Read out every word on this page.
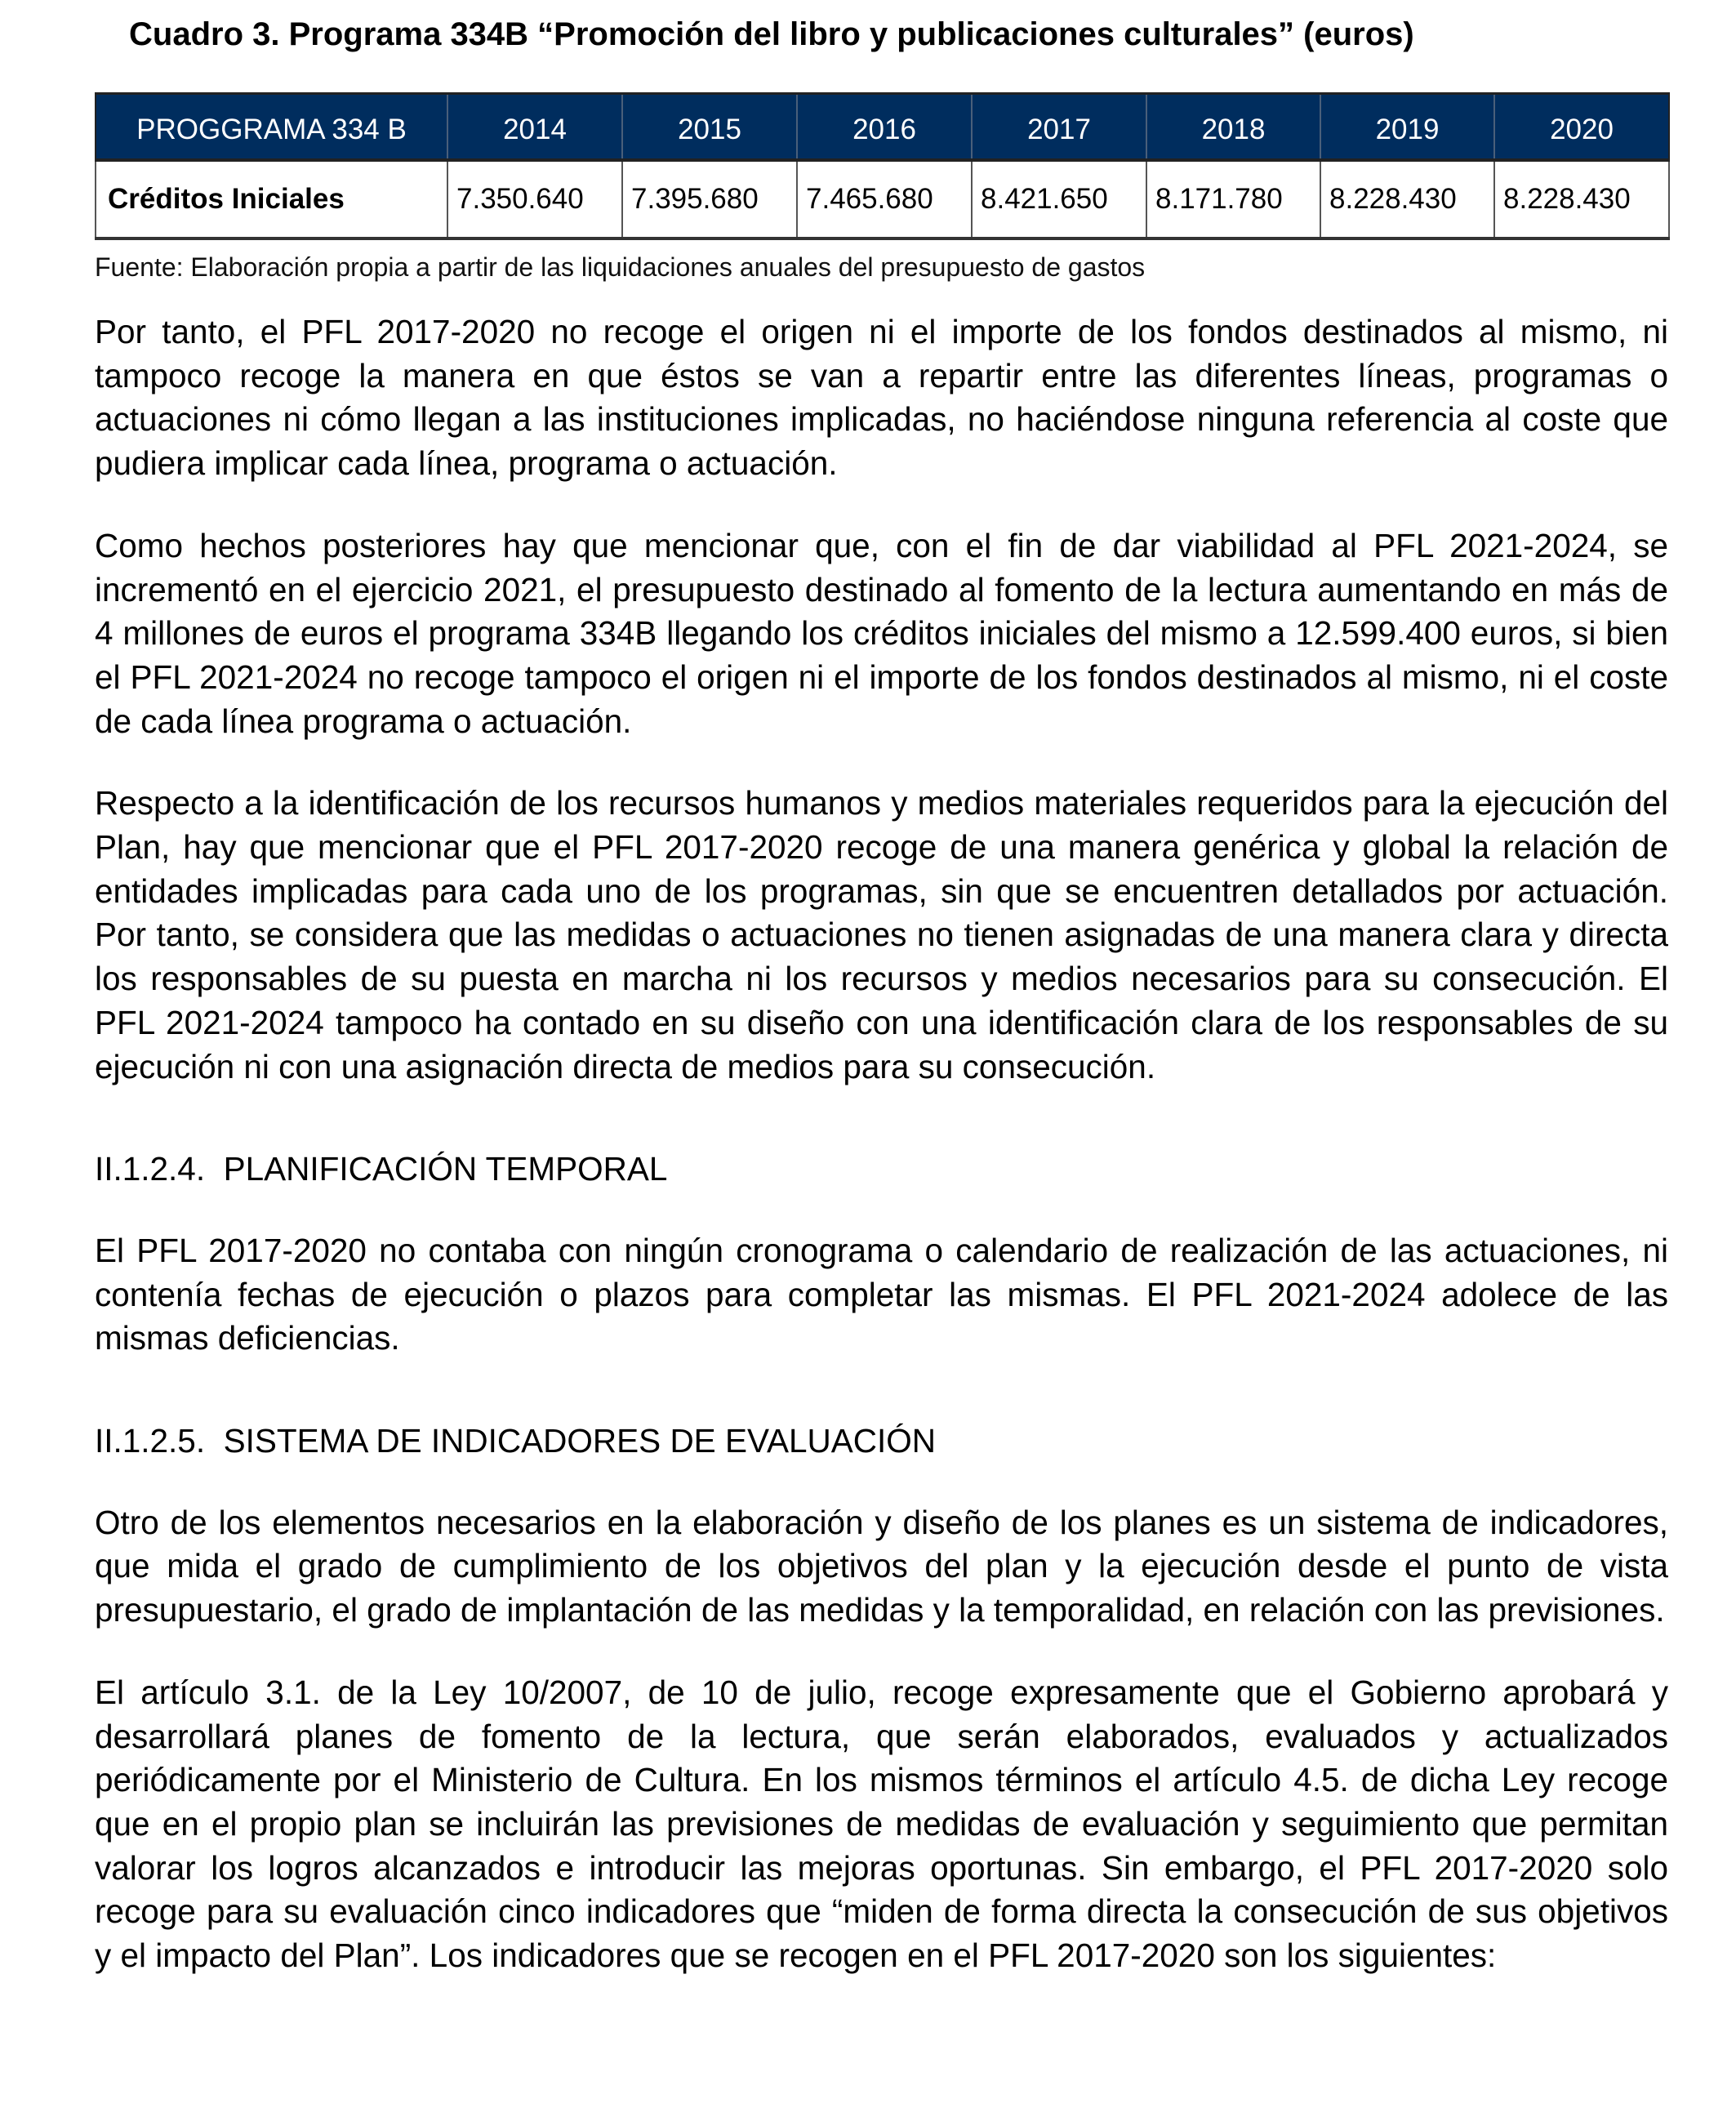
Cuadro 3. Programa 334B “Promoción del libro y publicaciones culturales” (euros)
PROGGRAMA 334 B	2014	2015	2016	2017	2018	2019	2020
Créditos Iniciales	7.350.640	7.395.680	7.465.680	8.421.650	8.171.780	8.228.430	8.228.430
Fuente: Elaboración propia a partir de las liquidaciones anuales del presupuesto de gastos

Por tanto, el PFL 2017-2020 no recoge el origen ni el importe de los fondos destinados al mismo, ni tampoco recoge la manera en que éstos se van a repartir entre las diferentes líneas, programas o actuaciones ni cómo llegan a las instituciones implicadas, no haciéndose ninguna referencia al coste que pudiera implicar cada línea, programa o actuación.

Como hechos posteriores hay que mencionar que, con el fin de dar viabilidad al PFL 2021-2024, se incrementó en el ejercicio 2021, el presupuesto destinado al fomento de la lectura aumentando en más de 4 millones de euros el programa 334B llegando los créditos iniciales del mismo a 12.599.400 euros, si bien el PFL 2021-2024 no recoge tampoco el origen ni el importe de los fondos destinados al mismo, ni el coste de cada línea programa o actuación.

Respecto a la identificación de los recursos humanos y medios materiales requeridos para la ejecución del Plan, hay que mencionar que el PFL 2017-2020 recoge de una manera genérica y global la relación de entidades implicadas para cada uno de los programas, sin que se encuentren detallados por actuación. Por tanto, se considera que las medidas o actuaciones no tienen asignadas de una manera clara y directa los responsables de su puesta en marcha ni los recursos y medios necesarios para su consecución. El PFL 2021-2024 tampoco ha contado en su diseño con una identificación clara de los responsables de su ejecución ni con una asignación directa de medios para su consecución.

II.1.2.4.  PLANIFICACIÓN TEMPORAL

El PFL 2017-2020 no contaba con ningún cronograma o calendario de realización de las actuaciones, ni contenía fechas de ejecución o plazos para completar las mismas. El PFL 2021-2024 adolece de las mismas deficiencias.

II.1.2.5.  SISTEMA DE INDICADORES DE EVALUACIÓN

Otro de los elementos necesarios en la elaboración y diseño de los planes es un sistema de indicadores, que mida el grado de cumplimiento de los objetivos del plan y la ejecución desde el punto de vista presupuestario, el grado de implantación de las medidas y la temporalidad, en relación con las previsiones.

El artículo 3.1. de la Ley 10/2007, de 10 de julio, recoge expresamente que el Gobierno aprobará y desarrollará planes de fomento de la lectura, que serán elaborados, evaluados y actualizados periódicamente por el Ministerio de Cultura. En los mismos términos el artículo 4.5. de dicha Ley recoge que en el propio plan se incluirán las previsiones de medidas de evaluación y seguimiento que permitan valorar los logros alcanzados e introducir las mejoras oportunas. Sin embargo, el PFL 2017-2020 solo recoge para su evaluación cinco indicadores que “miden de forma directa la consecución de sus objetivos y el impacto del Plan”. Los indicadores que se recogen en el PFL 2017-2020 son los siguientes:
